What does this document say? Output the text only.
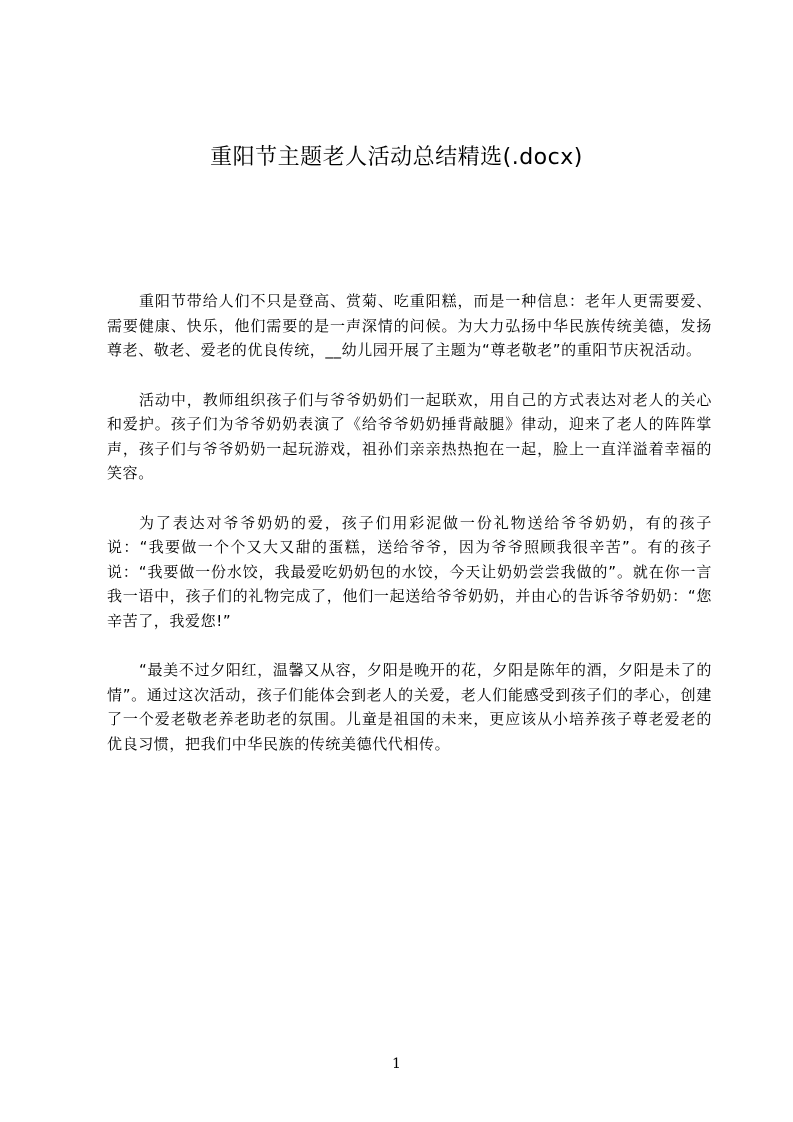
重阳节主题老人活动总结精选(.docx)

重阳节带给人们不只是登高、赏菊、吃重阳糕，而是一种信息：老年人更需要爱、需要健康、快乐，他们需要的是一声深情的问候。为大力弘扬中华民族传统美德，发扬尊老、敬老、爱老的优良传统，__幼儿园开展了主题为“尊老敬老”的重阳节庆祝活动。

活动中，教师组织孩子们与爷爷奶奶们一起联欢，用自己的方式表达对老人的关心和爱护。孩子们为爷爷奶奶表演了《给爷爷奶奶捶背敲腿》律动，迎来了老人的阵阵掌声，孩子们与爷爷奶奶一起玩游戏，祖孙们亲亲热热抱在一起，脸上一直洋溢着幸福的笑容。

为了表达对爷爷奶奶的爱，孩子们用彩泥做一份礼物送给爷爷奶奶，有的孩子说：“我要做一个个又大又甜的蛋糕，送给爷爷，因为爷爷照顾我很辛苦”。有的孩子说：“我要做一份水饺，我最爱吃奶奶包的水饺，今天让奶奶尝尝我做的”。就在你一言我一语中，孩子们的礼物完成了，他们一起送给爷爷奶奶，并由心的告诉爷爷奶奶：“您辛苦了，我爱您!”

“最美不过夕阳红，温馨又从容，夕阳是晚开的花，夕阳是陈年的酒，夕阳是未了的情”。通过这次活动，孩子们能体会到老人的关爱，老人们能感受到孩子们的孝心，创建了一个爱老敬老养老助老的氛围。儿童是祖国的未来，更应该从小培养孩子尊老爱老的优良习惯，把我们中华民族的传统美德代代相传。

1
